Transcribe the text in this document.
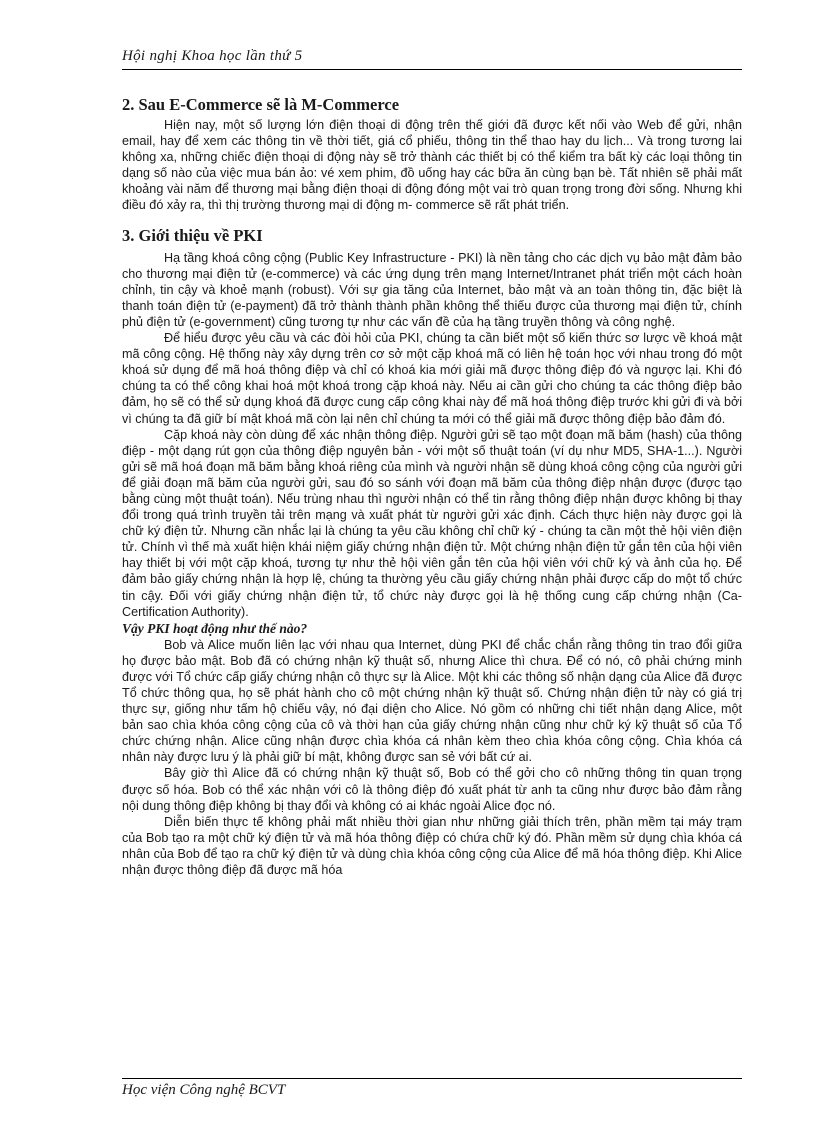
Hội nghị Khoa học lần thứ 5
2. Sau E-Commerce sẽ là M-Commerce

Hiện nay, một số lượng lớn điện thoại di động trên thế giới đã được kết nối vào Web để gửi, nhận email, hay để xem các thông tin về thời tiết, giá cổ phiếu, thông tin thể thao hay du lịch... Và trong tương lai không xa, những chiếc điện thoại di động này sẽ trở thành các thiết bị có thể kiểm tra bất kỳ các loại thông tin dạng số nào của việc mua bán ảo: vé xem phim, đồ uống hay các bữa ăn cùng bạn bè. Tất nhiên sẽ phải mất khoảng vài năm để thương mại bằng điện thoại di động đóng một vai trò quan trọng trong đời sống. Nhưng khi điều đó xảy ra, thì thị trường thương mại di động m- commerce sẽ rất phát triển.

3. Giới thiệu về PKI

Hạ tầng khoá công cộng (Public Key Infrastructure - PKI) là nền tảng cho các dịch vụ bảo mật đảm bảo cho thương mại điện tử (e-commerce) và các ứng dụng trên mạng Internet/Intranet phát triển một cách hoàn chỉnh, tin cậy và khoẻ mạnh (robust). Với sự gia tăng của Internet, bảo mật và an toàn thông tin, đặc biệt là thanh toán điện tử (e-payment) đã trở thành thành phần không thể thiếu được của thương mại điện tử, chính phủ điện tử (e-government) cũng tương tự như các vấn đề của hạ tầng truyền thông và công nghệ.

Để hiểu được yêu cầu và các đòi hỏi của PKI, chúng ta cần biết một số kiến thức sơ lược về khoá mật mã công cộng. Hệ thống này xây dựng trên cơ sở một cặp khoá mã có liên hệ toán học với nhau trong đó một khoá sử dụng để mã hoá thông điệp và chỉ có khoá kia mới giải mã được thông điệp đó và ngược lại. Khi đó chúng ta có thể công khai hoá một khoá trong cặp khoá này. Nếu ai cần gửi cho chúng ta các thông điệp bảo đảm, họ sẽ có thể sử dụng khoá đã được cung cấp công khai này để mã hoá thông điệp trước khi gửi đi và bởi vì chúng ta đã giữ bí mật khoá mã còn lại nên chỉ chúng ta mới có thể giải mã được thông điệp bảo đảm đó.

Cặp khoá này còn dùng để xác nhận thông điệp. Người gửi sẽ tạo một đoạn mã băm (hash) của thông điệp - một dạng rút gọn của thông điệp nguyên bản - với một số thuật toán (ví dụ như MD5, SHA-1...). Người gửi sẽ mã hoá đoạn mã băm bằng khoá riêng của mình và người nhận sẽ dùng khoá công cộng của người gửi để giải đoạn mã băm của người gửi, sau đó so sánh với đoạn mã băm của thông điệp nhận được (được tạo bằng cùng một thuật toán). Nếu trùng nhau thì người nhận có thể tin rằng thông điệp nhận được không bị thay đổi trong quá trình truyền tải trên mạng và xuất phát từ người gửi xác định. Cách thực hiện này được gọi là chữ ký điện tử. Nhưng cần nhắc lại là chúng ta yêu cầu không chỉ chữ ký - chúng ta cần một thẻ hội viên điện tử. Chính vì thế mà xuất hiện khái niệm giấy chứng nhận điện tử. Một chứng nhận điện tử gắn tên của hội viên hay thiết bị với một cặp khoá, tương tự như thẻ hội viên gắn tên của hội viên với chữ ký và ảnh của họ. Để đảm bảo giấy chứng nhận là hợp lệ, chúng ta thường yêu cầu giấy chứng nhận phải được cấp do một tổ chức tin cậy. Đối với giấy chứng nhận điện tử, tổ chức này được gọi là hệ thống cung cấp chứng nhận (Ca-Certification Authority).

Vậy PKI hoạt động như thế nào?

Bob và Alice muốn liên lạc với nhau qua Internet, dùng PKI để chắc chắn rằng thông tin trao đổi giữa họ được bảo mật. Bob đã có chứng nhận kỹ thuật số, nhưng Alice thì chưa. Để có nó, cô phải chứng minh được với Tổ chức cấp giấy chứng nhận cô thực sự là Alice. Một khi các thông số nhận dạng của Alice đã được Tổ chức thông qua, họ sẽ phát hành cho cô một chứng nhận kỹ thuật số. Chứng nhận điện tử này có giá trị thực sự, giống như tấm hộ chiếu vậy, nó đại diện cho Alice. Nó gồm có những chi tiết nhận dạng Alice, một bản sao chìa khóa công cộng của cô và thời hạn của giấy chứng nhận cũng như chữ ký kỹ thuật số của Tổ chức chứng nhận. Alice cũng nhận được chìa khóa cá nhân kèm theo chìa khóa công cộng. Chìa khóa cá nhân này được lưu ý là phải giữ bí mật, không được san sẻ với bất cứ ai.

Bây giờ thì Alice đã có chứng nhận kỹ thuật số, Bob có thể gởi cho cô những thông tin quan trọng được số hóa. Bob có thể xác nhận với cô là thông điệp đó xuất phát từ anh ta cũng như được bảo đảm rằng nội dung thông điệp không bị thay đổi và không có ai khác ngoài Alice đọc nó.

Diễn biến thực tế không phải mất nhiều thời gian như những giải thích trên, phần mềm tại máy trạm của Bob tạo ra một chữ ký điện tử và mã hóa thông điệp có chứa chữ ký đó. Phần mềm sử dụng chìa khóa cá nhân của Bob để tạo ra chữ ký điện tử và dùng chìa khóa công cộng của Alice để mã hóa thông điệp. Khi Alice nhận được thông điệp đã được mã hóa

Học viện Công nghệ BCVT
